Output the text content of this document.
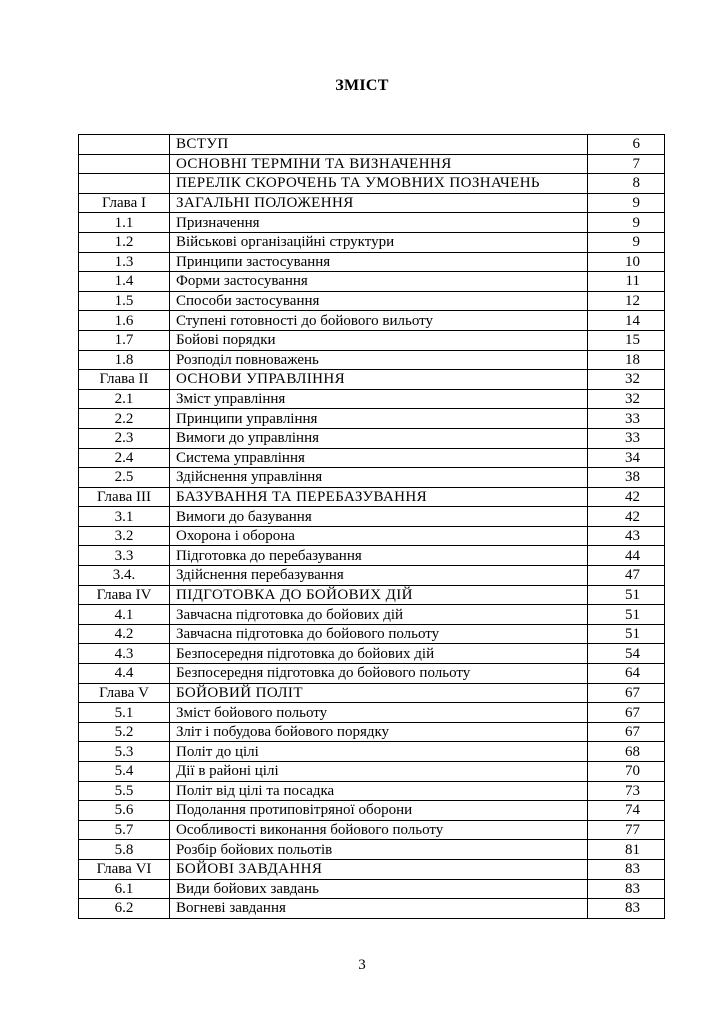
ЗМІСТ
	ВСТУП	6
	ОСНОВНІ ТЕРМІНИ ТА ВИЗНАЧЕННЯ	7
	ПЕРЕЛІК СКОРОЧЕНЬ ТА УМОВНИХ ПОЗНАЧЕНЬ	8
Глава I	ЗАГАЛЬНІ ПОЛОЖЕННЯ	9
1.1	Призначення	9
1.2	Військові організаційні структури	9
1.3	Принципи застосування	10
1.4	Форми застосування	11
1.5	Способи застосування	12
1.6	Ступені готовності до бойового вильоту	14
1.7	Бойові порядки	15
1.8	Розподіл повноважень	18
Глава II	ОСНОВИ УПРАВЛІННЯ	32
2.1	Зміст управління	32
2.2	Принципи управління	33
2.3	Вимоги до управління	33
2.4	Система управління	34
2.5	Здійснення управління	38
Глава III	БАЗУВАННЯ ТА ПЕРЕБАЗУВАННЯ	42
3.1	Вимоги до базування	42
3.2	Охорона і оборона	43
3.3	Підготовка до перебазування	44
3.4.	Здійснення перебазування	47
Глава IV	ПІДГОТОВКА ДО БОЙОВИХ ДІЙ	51
4.1	Завчасна підготовка до бойових дій	51
4.2	Завчасна підготовка до бойового польоту	51
4.3	Безпосередня підготовка до бойових дій	54
4.4	Безпосередня підготовка до бойового польоту	64
Глава V	БОЙОВИЙ ПОЛІТ	67
5.1	Зміст бойового польоту	67
5.2	Зліт і побудова бойового порядку	67
5.3	Політ до цілі	68
5.4	Дії в районі цілі	70
5.5	Політ від цілі та посадка	73
5.6	Подолання протиповітряної оборони	74
5.7	Особливості виконання бойового польоту	77
5.8	Розбір бойових польотів	81
Глава VI	БОЙОВІ ЗАВДАННЯ	83
6.1	Види бойових завдань	83
6.2	Вогневі завдання	83
3
